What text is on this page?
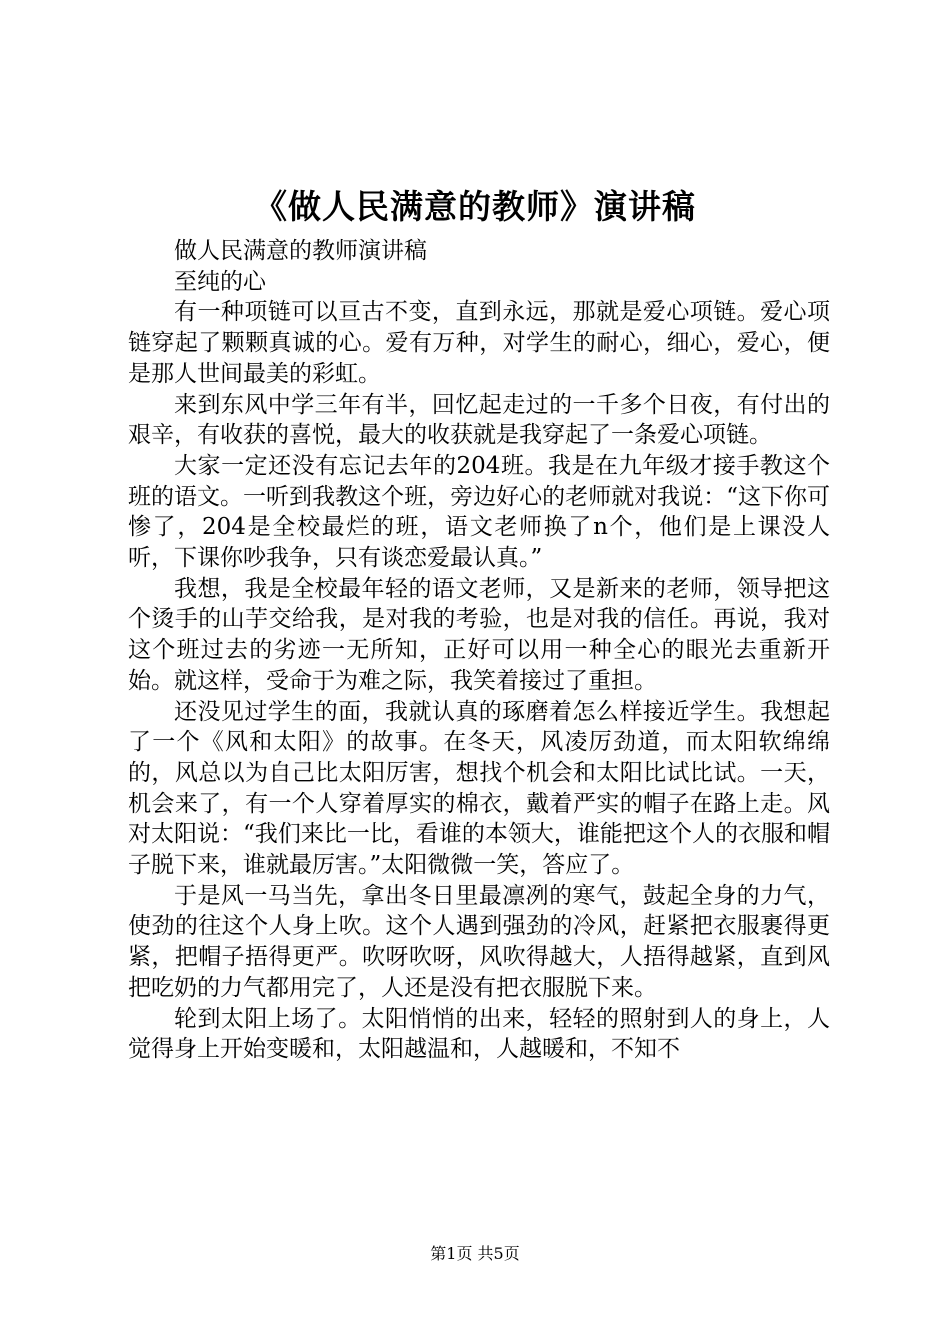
《做人民满意的教师》演讲稿

做人民满意的教师演讲稿

至纯的心

有一种项链可以亘古不变，直到永远，那就是爱心项链。爱心项链穿起了颗颗真诚的心。爱有万种，对学生的耐心，细心，爱心，便是那人世间最美的彩虹。

来到东风中学三年有半，回忆起走过的一千多个日夜，有付出的艰辛，有收获的喜悦，最大的收获就是我穿起了一条爱心项链。

大家一定还没有忘记去年的204班。我是在九年级才接手教这个班的语文。一听到我教这个班，旁边好心的老师就对我说：“这下你可惨了，204是全校最烂的班，语文老师换了n个，他们是上课没人听，下课你吵我争，只有谈恋爱最认真。”

我想，我是全校最年轻的语文老师，又是新来的老师，领导把这个烫手的山芋交给我，是对我的考验，也是对我的信任。再说，我对这个班过去的劣迹一无所知，正好可以用一种全心的眼光去重新开始。就这样，受命于为难之际，我笑着接过了重担。

还没见过学生的面，我就认真的琢磨着怎么样接近学生。我想起了一个《风和太阳》的故事。在冬天，风凌厉劲道，而太阳软绵绵的，风总以为自己比太阳厉害，想找个机会和太阳比试比试。一天，机会来了，有一个人穿着厚实的棉衣，戴着严实的帽子在路上走。风对太阳说：“我们来比一比，看谁的本领大，谁能把这个人的衣服和帽子脱下来，谁就最厉害。”太阳微微一笑，答应了。

于是风一马当先，拿出冬日里最凛冽的寒气，鼓起全身的力气，使劲的往这个人身上吹。这个人遇到强劲的冷风，赶紧把衣服裹得更紧，把帽子捂得更严。吹呀吹呀，风吹得越大，人捂得越紧，直到风把吃奶的力气都用完了，人还是没有把衣服脱下来。

轮到太阳上场了。太阳悄悄的出来，轻轻的照射到人的身上，人觉得身上开始变暖和，太阳越温和，人越暖和，不知不

第1页 共5页
